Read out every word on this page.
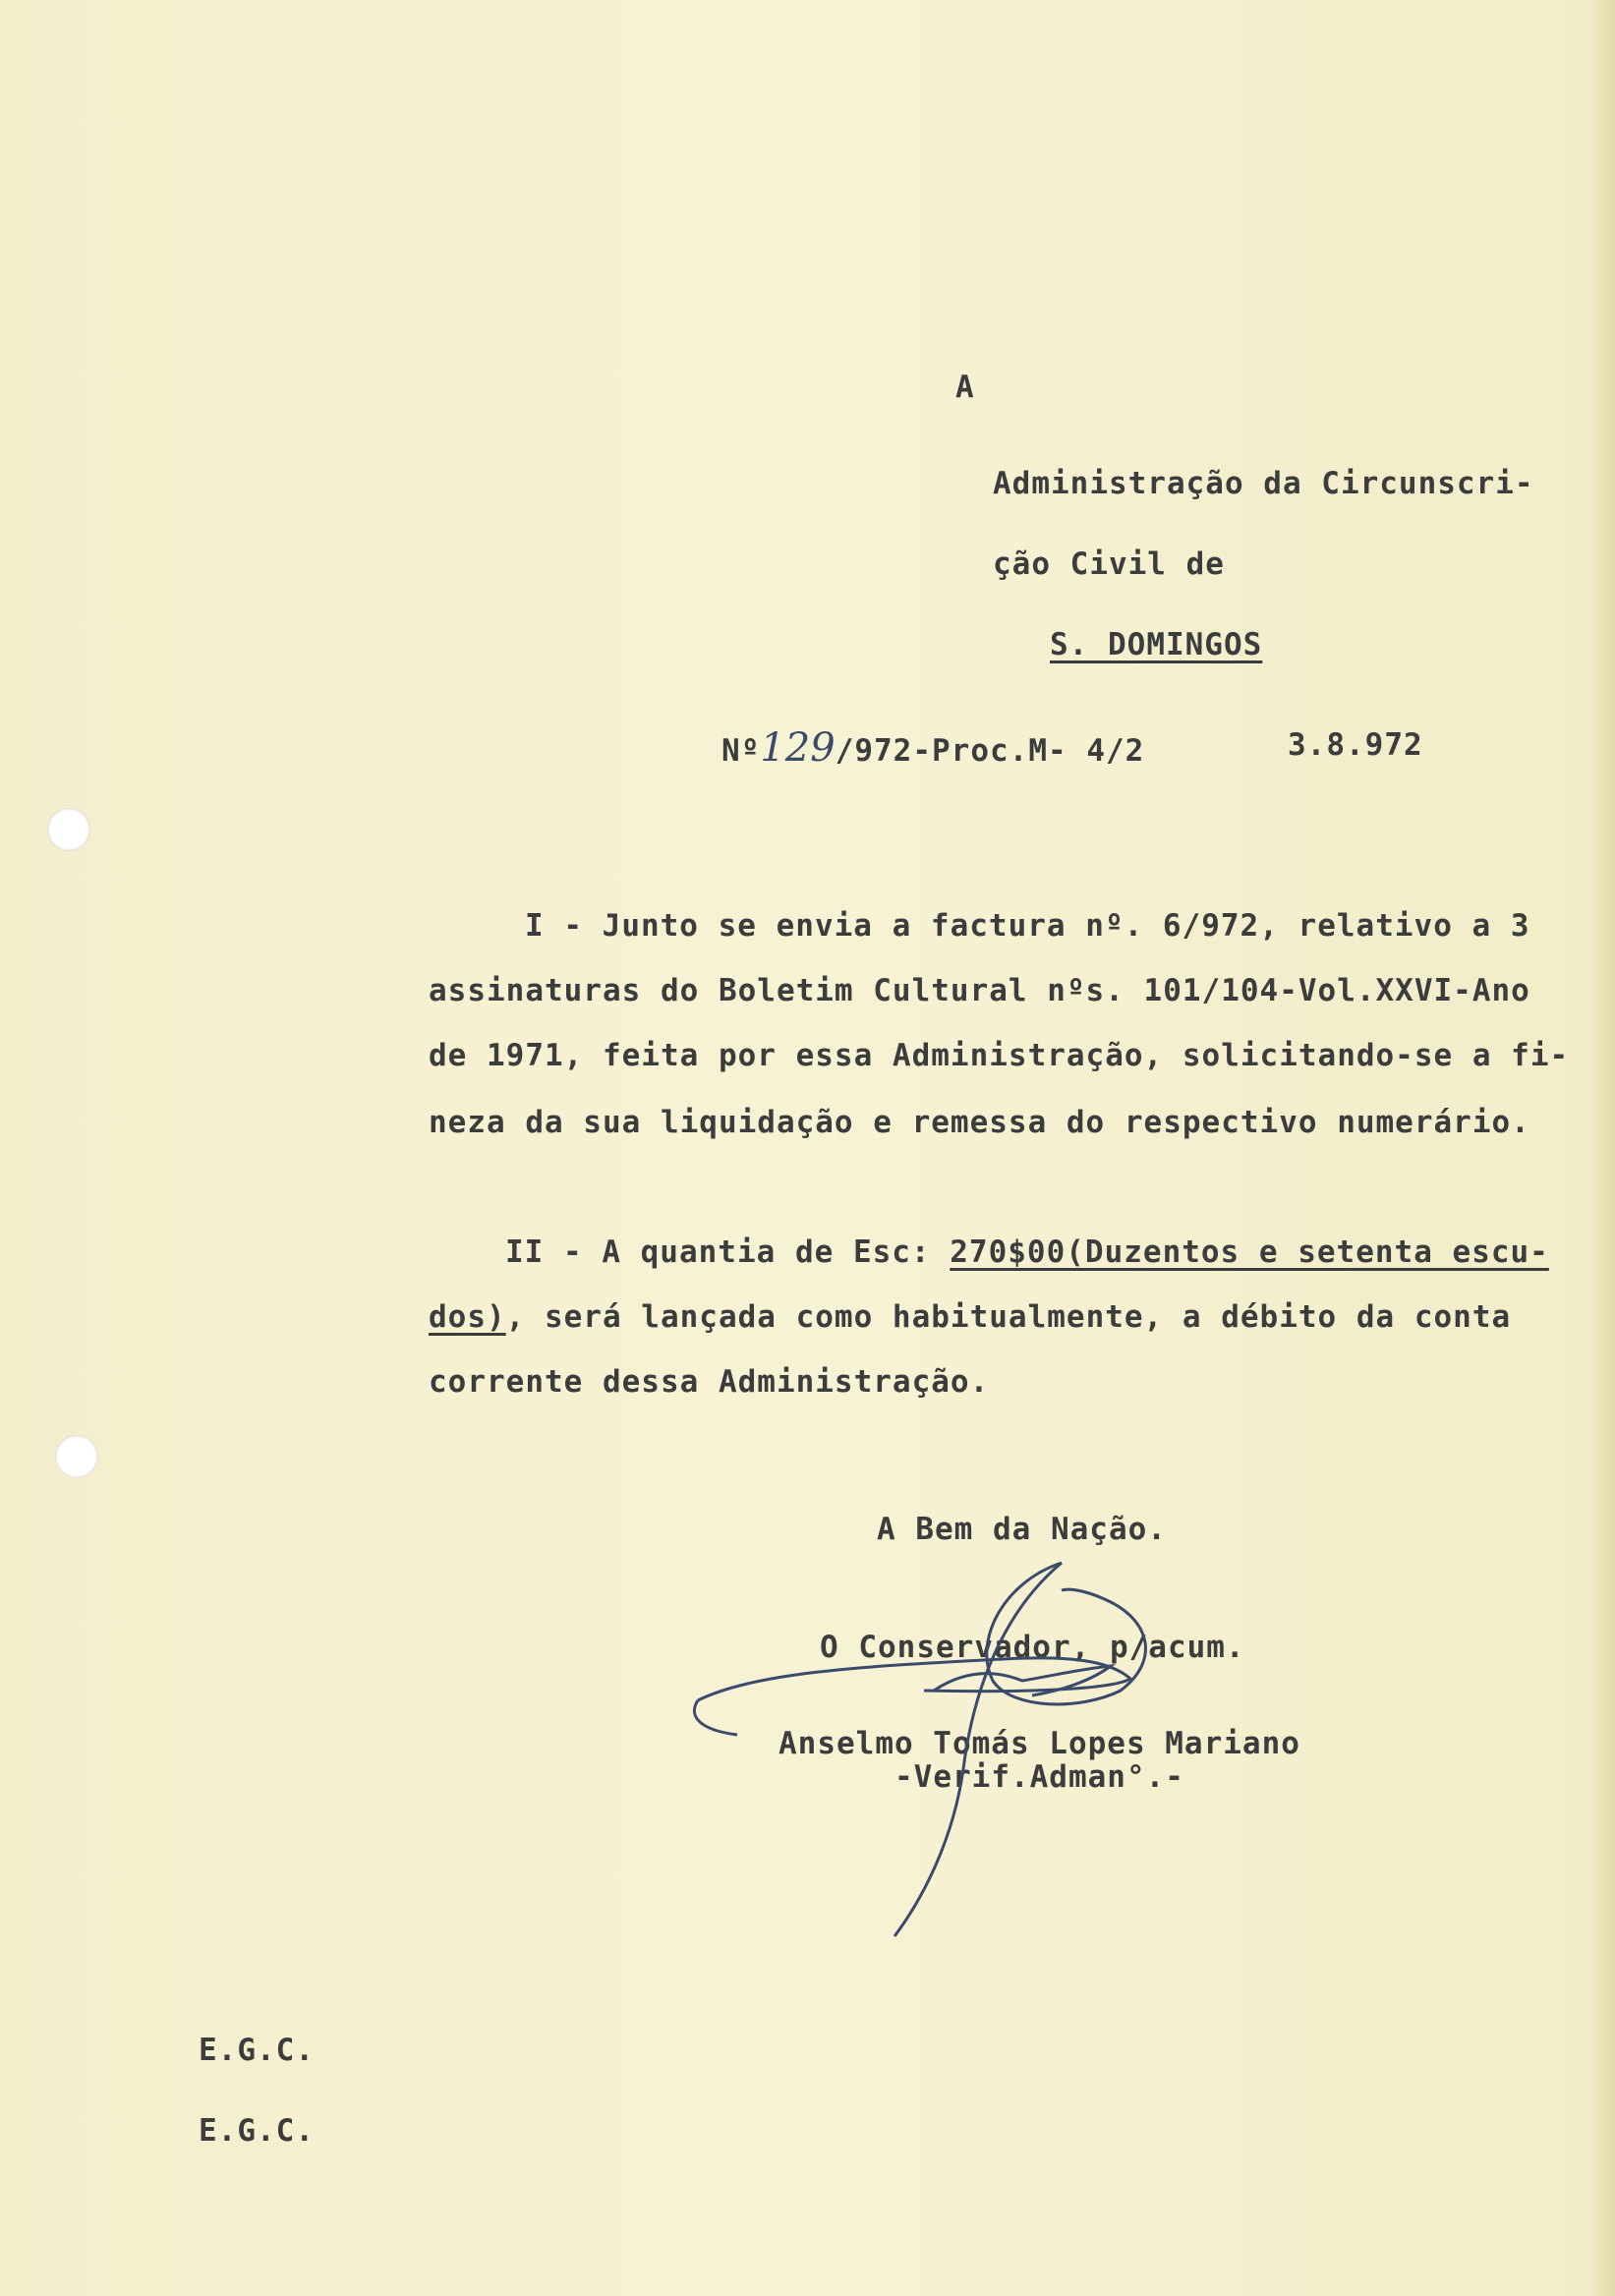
A

Administração da Circunscri-

ção Civil de

S. DOMINGOS

Nº129/972-Proc.M- 4/2	3.8.972

I - Junto se envia a factura nº. 6/972, relativo a 3

assinaturas do Boletim Cultural nºs. 101/104-Vol.XXVI-Ano

de 1971, feita por essa Administração, solicitando-se a fi-

neza da sua liquidação e remessa do respectivo numerário.

II - A quantia de Esc: 270$00(Duzentos e setenta escu-
dos), será lançada como habitualmente, a débito da conta

corrente dessa Administração.

A Bem da Nação.

O Conservador, p/acum.

Anselmo Tomás Lopes Mariano

-Verif.Adman°.-

E.G.C.

E.G.C.
